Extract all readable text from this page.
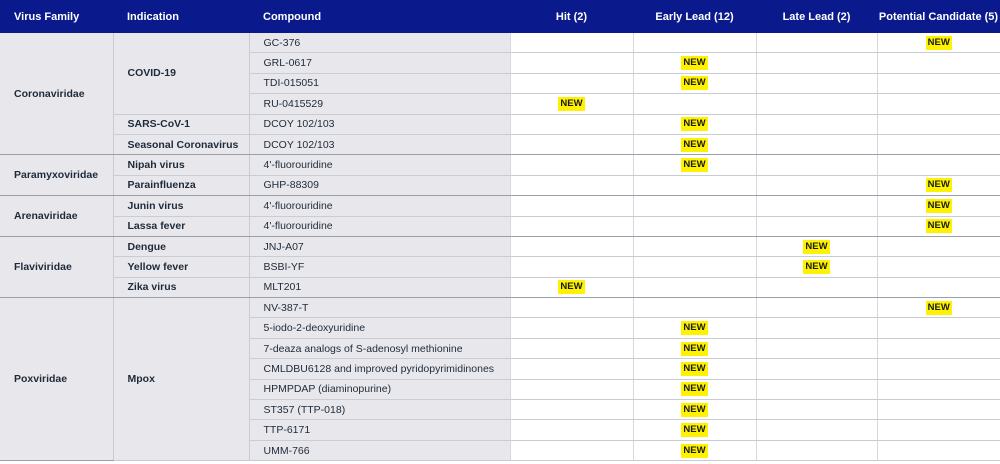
Virus Family	Indication	Compound	Hit (2)	Early Lead (12)	Late Lead (2)	Potential Candidate (5)
Coronaviridae	COVID-19	GC-376				NEW
		GRL-0617		NEW		
		TDI-015051		NEW		
		RU-0415529	NEW			
	SARS-CoV-1	DCOY 102/103		NEW		
	Seasonal Coronavirus	DCOY 102/103		NEW		
Paramyxoviridae	Nipah virus	4'-fluorouridine		NEW		
	Parainfluenza	GHP-88309				NEW
Arenaviridae	Junin virus	4'-fluorouridine				NEW
	Lassa fever	4'-fluorouridine				NEW
Flaviviridae	Dengue	JNJ-A07			NEW	
	Yellow fever	BSBI-YF			NEW	
	Zika virus	MLT201	NEW			
Poxviridae	Mpox	NV-387-T				NEW
		5-iodo-2-deoxyuridine		NEW		
		7-deaza analogs of S-adenosyl methionine		NEW		
		CMLDBU6128 and improved pyridopyrimidinones		NEW		
		HPMPDAP (diaminopurine)		NEW		
		ST357 (TTP-018)		NEW		
		TTP-6171		NEW		
		UMM-766		NEW		
